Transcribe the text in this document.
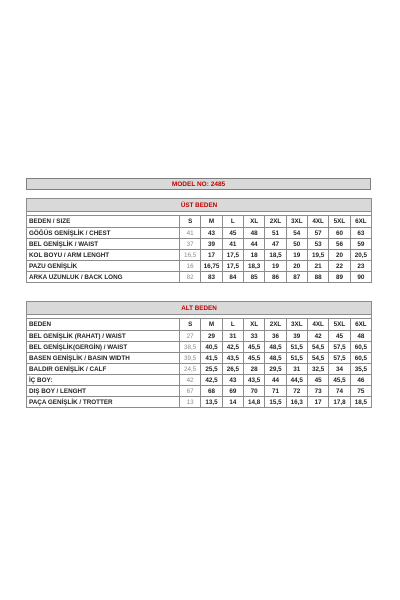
MODEL NO: 2485
ÜST BEDEN									

BEDEN / SIZE	S	M	L	XL	2XL	3XL	4XL	5XL	6XL
GÖĞÜS GENİŞLİK / CHEST	41	43	45	48	51	54	57	60	63
BEL GENİŞLİK / WAIST	37	39	41	44	47	50	53	56	59
KOL BOYU / ARM LENGHT	16,5	17	17,5	18	18,5	19	19,5	20	20,5
PAZU GENİŞLİK	16	16,75	17,5	18,3	19	20	21	22	23
ARKA UZUNLUK / BACK LONG	82	83	84	85	86	87	88	89	90
ALT BEDEN									

BEDEN	S	M	L	XL	2XL	3XL	4XL	5XL	6XL
BEL GENİŞLİK (RAHAT) / WAIST	27	29	31	33	36	39	42	45	48
BEL GENİŞLİK(GERGİN) / WAIST	38,5	40,5	42,5	45,5	48,5	51,5	54,5	57,5	60,5
BASEN GENİŞLİK / BASIN WIDTH	39,5	41,5	43,5	45,5	48,5	51,5	54,5	57,5	60,5
BALDIR GENİŞLİK / CALF	24,5	25,5	26,5	28	29,5	31	32,5	34	35,5
İÇ BOY:	42	42,5	43	43,5	44	44,5	45	45,5	46
DIŞ BOY / LENGHT	67	68	69	70	71	72	73	74	75
PAÇA GENİŞLİK / TROTTER	13	13,5	14	14,8	15,5	16,3	17	17,8	18,5
